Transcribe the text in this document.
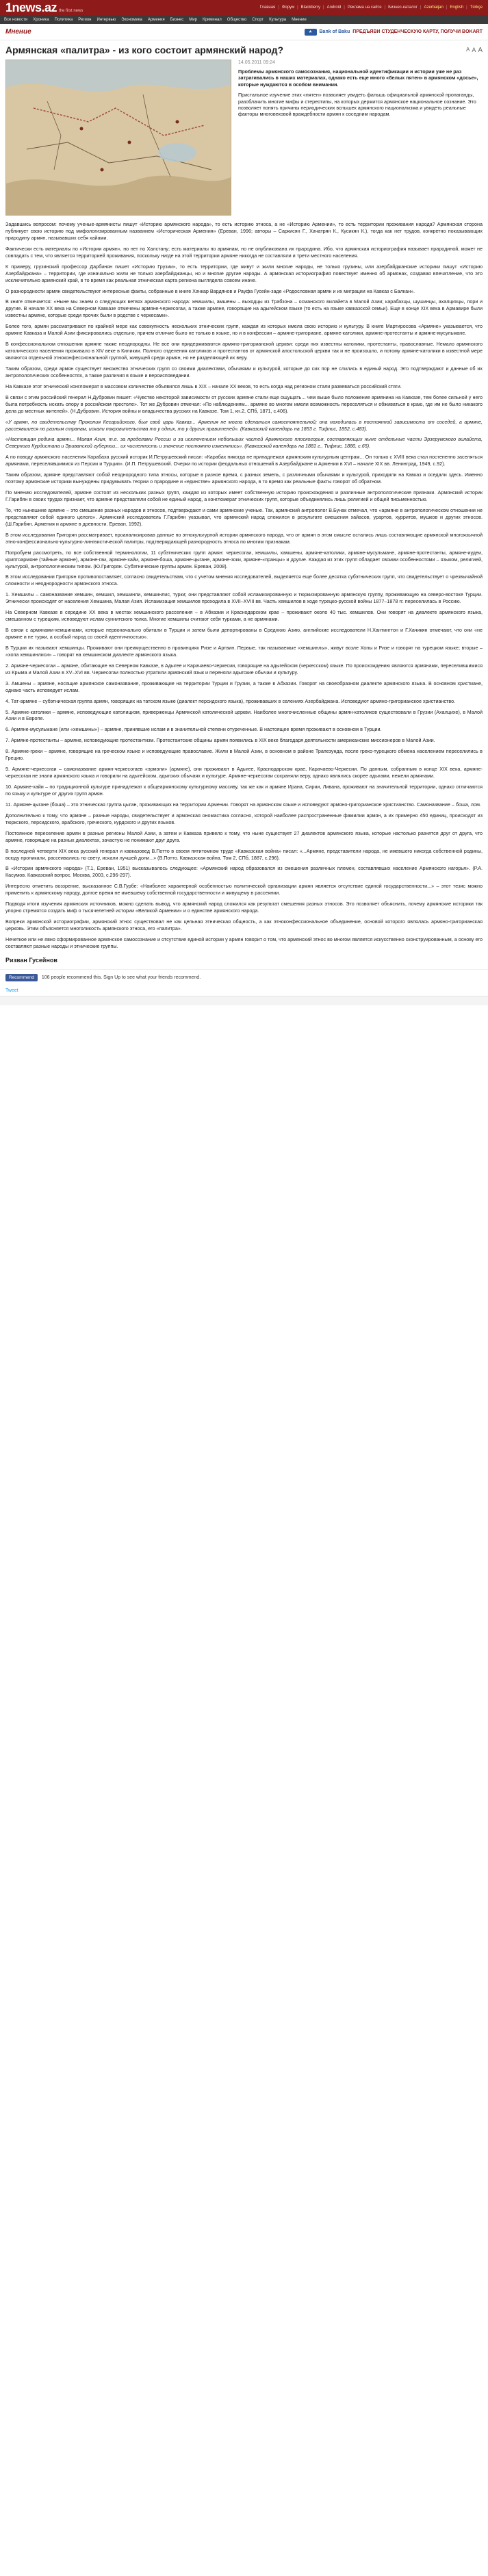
1news.az the first news
Главная | Форум | Blackberry | Android | Реклама на сайте | Бизнес-каталог | Azerbaijan | English | Türkçe
Все новости Хроника Политика Регион Интервью Экономика Армения Бизнес Мир Криминал Общество Спорт Культура Мнение
Мнение	★	Bank of Baku ПРЕДЪЯВИ СТУДЕНЧЕСКУЮ КАРТУ, ПОЛУЧИ BOKART
Армянская «палитра» - из кого состоит армянский народ?	A A A
14.05.2011 09:24
Проблемы армянского самосознания, национальной идентификации и истории уже не раз затрагивались в наших материалах, однако есть еще много «белых пятен» в армянском «досье», которые нуждаются в особом внимании.
Пристальное изучение этих «пятен» позволяет увидеть фальшь официальной армянской пропаганды, разоблачить многие мифы и стереотипы, на которых держится армянское национальное сознание. Это позволяет понять причины периодических вспышек армянского национализма и увидеть реальные факторы многовековой враждебности армян к соседним народам.

Задавшись вопросом: почему ученые-армянисты пишут «Историю армянского народа», то есть историю этноса, а не «Историю Армении», то есть территории проживания народа? Армянская сторона публикует свою историю под мифологизированным названием «Историческая Армения» (Ереван, 1996; авторы – Саркисян Г., Хачатрян К., Кусикян К.), тогда как нет трудов, конкретно показывающих прародину армян, называвших себя хайами.

Фактически есть материалы по «Истории армян», но нет по Халстану; есть материалы по армянам, но не опубликована их прародина. Ибо, что армянская историография называет прародиной, может не совпадать с тем, что является территорией проживания, поскольку нигде на этой территории армяне никогда не составляли и трети местного населения.

К примеру, грузинский профессор Дарбинян пишет «Историю Грузии», то есть территории, где живут и жили многие народы, не только грузины, или азербайджанские историки пишут «Историю Азербайджана» – территории, где изначально жили не только азербайджанцы, но и многие другие народы. А армянская историография повествует именно об армянах, создавая впечатление, что это исключительно армянский край, в то время как реальная этническая карта региона выглядела совсем иначе.

О разнородности армян свидетельствуют интересные факты, собранные в книге Хачкар Вардянов и Рауфа Гусейн-заде «Родословная армян и их миграции на Кавказ с Балкан».

В книге отмечается: «Ныне мы знаем о следующих ветвях армянского народа: хемшилы, амшены – выходцы из Трабзона – османского вилайета в Малой Азии; карабахцы, шушинцы, ахалцихцы, лори и другие. В начале XX века на Северном Кавказе отмечены армяне-черкесогаи, а также армяне, говорящие на адыгейском языке (то есть на языке кавказской семьи). Еще в конце XIX века в Армавире были известны армяне, которые среди прочих были в родстве с черкесами».

Более того, армян рассматривают по крайней мере как совокупность нескольких этнических групп, каждая из которых имела свою историю и культуру. В книге Мартиросова «Армяне» указывается, что армяне Кавказа и Малой Азии фиксировались отдельно, причем отличие было не только в языке, но и в конфессии – армяне-григориане, армяне-католики, армяне-протестанты и армяне-мусульмане.

В конфессиональном отношении армяне также неоднородны. Не все они придерживаются армяно-григорианской церкви: среди них известны католики, протестанты, православные. Немало армянского католического населения проживало в XIV веке в Киликии. Полного отделения католиков и протестантов от армянской апостольской церкви так и не произошло, и потому армяне-католики в известной мере являются отдельной этноконфессиональной группой, живущей среди армян, но не разделяющей их веру.

Таким образом, среди армян существует множество этнических групп со своими диалектами, обычаями и культурой, которые до сих пор не слились в единый народ. Это подтверждают и данные об их антропологических особенностях, а также различия в языке и вероисповедании.

На Кавказе этот этнический конгломерат в массовом количестве объявился лишь в XIX – начале XX веков, то есть когда над регионом стали развеваться российский стяги.

В связи с этим российский генерал Н.Дубровин пишет: «Чувство некоторой зависимости от русских армяне стали еще ощущать... чем выше было положение армянина на Кавказе, тем более сильной у него была потребность искать опору в российском престоле». Тот же Дубровин отмечал: «По наблюдениям... армяне во многом имели возможность переселяться и обживаться в краю, где им не было никакого дела до местных жителей». (Н.Дубровин. История войны и владычества русских на Кавказе. Том 1, кн.2, СПб, 1871, с.406).

«У армян, по свидетельству Прокопия Кесарийского, был свой царь Кавказ... Армения не могла сделаться самостоятельной; она находилась в постоянной зависимости от соседей, а армяне, рассеявшиеся по разным странам, искали покровительства то у одних, то у других правителей». (Кавказский календарь на 1853 г. Тифлис, 1852, с.483).

«Настоящая родина армян... Малая Азия, т.е. за пределами России и за исключением небольших частей Армянского плоскогорья, составляющих ныне отдельные части Эрзерумского вилайета, Северного Курдистана и Эриванской губернии... их численность и значение постоянно изменялись». (Кавказский календарь на 1881 г., Тифлис, 1880, с.65).

А по поводу армянского населения Карабаха русский историк И.Петрушевский писал: «Карабах никогда не принадлежал армянским культурным центрам... Он только с XVIII века стал постепенно заселяться армянами, переселявшимися из Персии и Турции». (И.П. Петрушевский. Очерки по истории феодальных отношений в Азербайджане и Армении в XVI – начале XIX вв. Ленинград, 1949, с.92).

Таким образом, армяне представляют собой неоднородного типа этносы, которые в разное время, с разных земель, с различными обычаями и культурой, приходили на Кавказ и оседали здесь. Именно поэтому армянские историки вынуждены придумывать теории о прародине и «единстве» армянского народа, в то время как реальные факты говорят об обратном.

По мнению исследователей, армяне состоят из нескольких разных групп, каждая из которых имеет собственную историю происхождения и различные антропологические признаки. Армянский историк Г.Гарибян в своих трудах признает, что армяне представляли собой не единый народ, а конгломерат этнических групп, которые объединялись лишь религией и общей письменностью.

То, что нынешние армяне – это смешение разных народов и этносов, подтверждают и сами армянские ученые. Так, армянский антрополог В.Бунак отмечал, что «армяне в антропологическом отношении не представляют собой единого целого». Армянский исследователь Г.Гарибян указывал, что армянский народ сложился в результате смешения хайасов, урартов, хурритов, мушков и других этносов. (Ш.Гарибян. Армения и армяне в древности. Ереван, 1992).

В этом исследовании Григорян рассматривает, проанализировав данные по этнокультурной истории армянского народа, что от армян в этом смысле остались лишь составляющие армянской многоязычной этно-конфессионально-культурно-лингвистической палитры, подтверждающей разнородность этноса по многим признакам.

Попробуем рассмотреть, по все собственной терминологии, 11 субэтнических групп армян: черкесогаи, хемшилы, хамшены, армяне-католики, армяне-мусульмане, армяне-протестанты, армяне-иудеи, криптоармяне (тайные армяне), армяне-гаи, армяне-хайи, армяне-бошa, армяне-цыгане, армяне-зоки, армяне-«пранцы» и другие. Каждая из этих групп обладает своими особенностями – языком, религией, культурой, антропологическим типом. (Ю.Григорян. Субэтнические группы армян. Ереван, 2008).

В этом исследовании Григорян противопоставляет, согласно свидетельствам, что с учетом мнения исследователей, выделяется еще более десятка субэтнических групп, что свидетельствует о чрезвычайной сложности и неоднородности армянского этноса.

1. Хемшилы – самоназвание хемшин, хемшил, хемшинли, хемшинлис, турки; они представляют собой исламизированную и тюркизированную армянскую группу, проживающую на северо-востоке Турции. Этнически происходят от населения Хемшина, Малая Азия. Исламизация хемшилов проходила в XVII–XVIII вв. Часть хемшилов в ходе турецко-русской войны 1877–1878 гг. переселилась в Россию.

На Северном Кавказе в середине ХХ века в местах хемшинского расселения – в Абхазии и Краснодарском крае – проживают около 40 тыс. хемшилов. Они говорят на диалекте армянского языка, смешанном с турецким, исповедуют ислам суннитского толка. Многие хемшилы считают себя турками, а не армянами.

В связи с армянами-хемшинами, которые первоначально обитали в Турции и затем были депортированы в Среднюю Азию, английские исследователи Н.Хантингтон и Г.Хачикян отмечают, что они «не армяне и не турки, а особый народ со своей идентичностью».

В Турции их называют хемшинцы. Проживают они преимущественно в провинциях Ризе и Артвин. Первые, так называемые «хемшинлы», живут возле Хопы и Ризе и говорят на турецком языке; вторые – «хопа хемшинлиси» – говорят на хемшинском диалекте армянского языка.

2. Армяне-черкесогаи – армяне, обитающие на Северном Кавказе, в Адыгее и Карачаево-Черкесии, говорящие на адыгейском (черкесском) языке. По происхождению являются армянами, переселившимися из Крыма и Малой Азии в XV–XVI вв. Черкесогаи полностью утратили армянский язык и переняли адыгские обычаи и культуру.

3. Амшены – армяне, носящие армянское самоназвание, проживающие на территории Турции и Грузии, а также в Абхазии. Говорят на своеобразном диалекте армянского языка. В основном христиане, однако часть исповедует ислам.

4. Тат-армяне – субэтническая группа армян, говорящих на татском языке (диалект персидского языка), проживавших в селениях Азербайджана. Исповедуют армяно-григорианское христианство.

5. Армяне-католики – армяне, исповедующие католицизм, приверженцы Армянской католической церкви. Наиболее многочисленные общины армян-католиков существовали в Грузии (Ахалцихе), в Малой Азии и в Европе.

6. Армяне-мусульмане (или «хемшины») – армяне, принявшие ислам и в значительной степени отуреченные. В настоящее время проживают в основном в Турции.

7. Армяне-протестанты – армяне, исповедующие протестантизм. Протестантские общины армян появились в XIX веке благодаря деятельности американских миссионеров в Малой Азии.

8. Армяне-греки – армяне, говорящие на греческом языке и исповедующие православие. Жили в Малой Азии, в основном в районе Трапезунда, после греко-турецкого обмена населением переселились в Грецию.

9. Армяне-черкесогаи – самоназвание армян-черкесогаев «эрмэли» (армяне), они проживают в Адыгее, Краснодарском крае, Карачаево-Черкесии. По данным, собранным в конце XIX века, армяне-черкесогаи не знали армянского языка и говорили на адыгейском, адыгских обычаях и культуре. Армяне-черкесогаи сохраняли веру, однако являлись скорее адыгами, нежели армянами.

10. Армяне-хайи – по традиционной культуре принадлежат к общеармянскому культурному массиву, так же как и армяне Ирана, Сирии, Ливана, проживают на значительной территории, однако отличаются по языку и культуре от других групп армян.

11. Армяне-цыгане (боша) – это этническая группа цыган, проживающих на территории Армении. Говорят на армянском языке и исповедуют армяно-григорианское христианство. Самоназвание – боша, лом.

Дополнительно к тому, что армяне – разные народы, свидетельствует и армянская ономастика согласно, которой наиболее распространенные фамилии армян, а их примерно 450 единиц, происходят из тюркского, персидского, арабского, греческого, курдского и других языков.

Постоянное переселение армян в разные регионы Малой Азии, а затем и Кавказа привело к тому, что ныне существует 27 диалектов армянского языка, которые настолько разнятся друг от друга, что армяне, говорящие на разных диалектах, зачастую не понимают друг друга.

В последней четверти XIX века русский генерал и кавказовед В.Потто в своем пятитомном труде «Кавказская война» писал: «...Армяне, представители народа, не имевшего никогда собственной родины, всюду проникали, рассеивались по свету, искали лучшей доли...» (В.Потто. Кавказская война. Том 2, СПб, 1887, с.296).

В «Истории армянского народа» (Т.1, Ереван, 1951) высказывалось следующее: «Армянский народ образовался из смешения различных племен, составлявших население Армянского нагорья». (Р.А. Касумов. Кавказский вопрос. Москва, 2003, с.296-297).

Интересно отметить воззрение, высказанное С.В.Гурбе: «Наиболее характерной особенностью политической организации армян является отсутствие единой государственности...» – этот тезис можно применить к армянскому народу, долгое время не имевшему собственной государственности и живущему в рассеянии.

Подводя итоги изучения армянских источников, можно сделать вывод, что армянский народ сложился как результат смешения разных этносов. Это позволяет объяснить, почему армянские историки так упорно стремятся создать миф о тысячелетней истории «Великой Армении» и о единстве армянского народа.

Вопреки армянской историографии, армянский этнос существовал не как цельная этническая общность, а как этноконфессиональное объединение, основой которого являлась армяно-григорианская церковь. Этим объясняется многоликость армянского этноса, его «палитра».

Нечеткое или не явно сформированное армянское самосознание и отсутствие единой истории у армян говорит о том, что армянский этнос во многом является искусственно сконструированным, а основу его составляют разные народы и этнические группы.

Ризван Гусейнов
Recommend	106 people recommend this. Sign Up to see what your friends recommend.
Tweet
